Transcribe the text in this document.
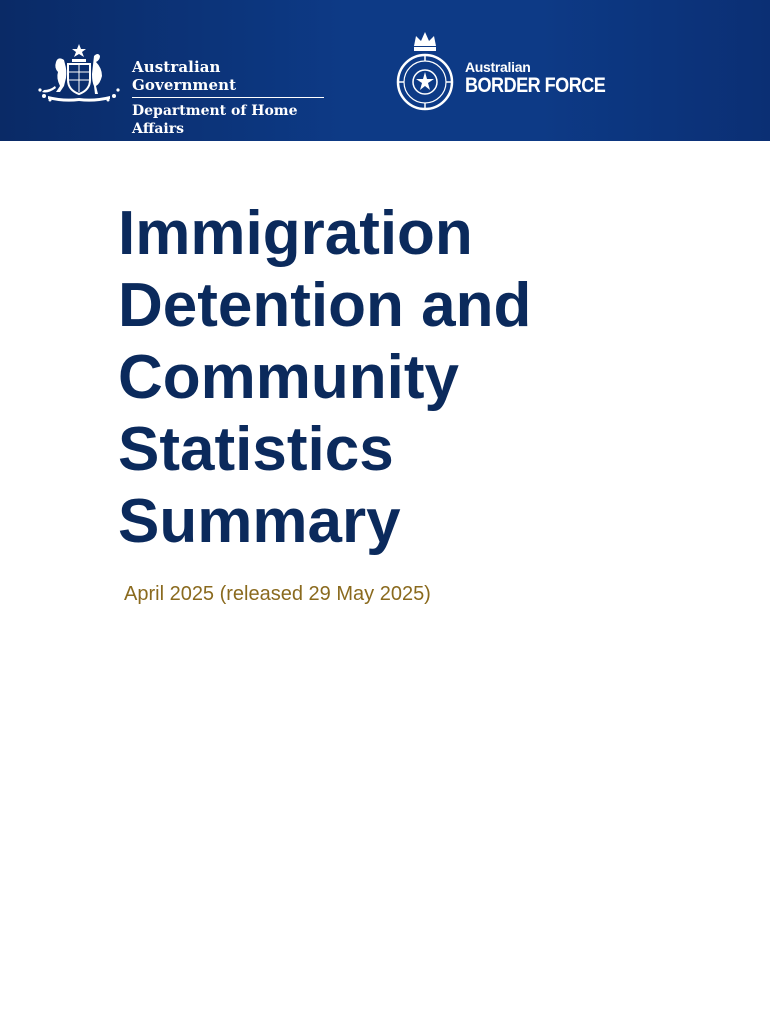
Australian Government
Department of Home Affairs
Australian
BORDER FORCE
Immigration
Detention and
Community
Statistics
Summary

April 2025 (released 29 May 2025)
